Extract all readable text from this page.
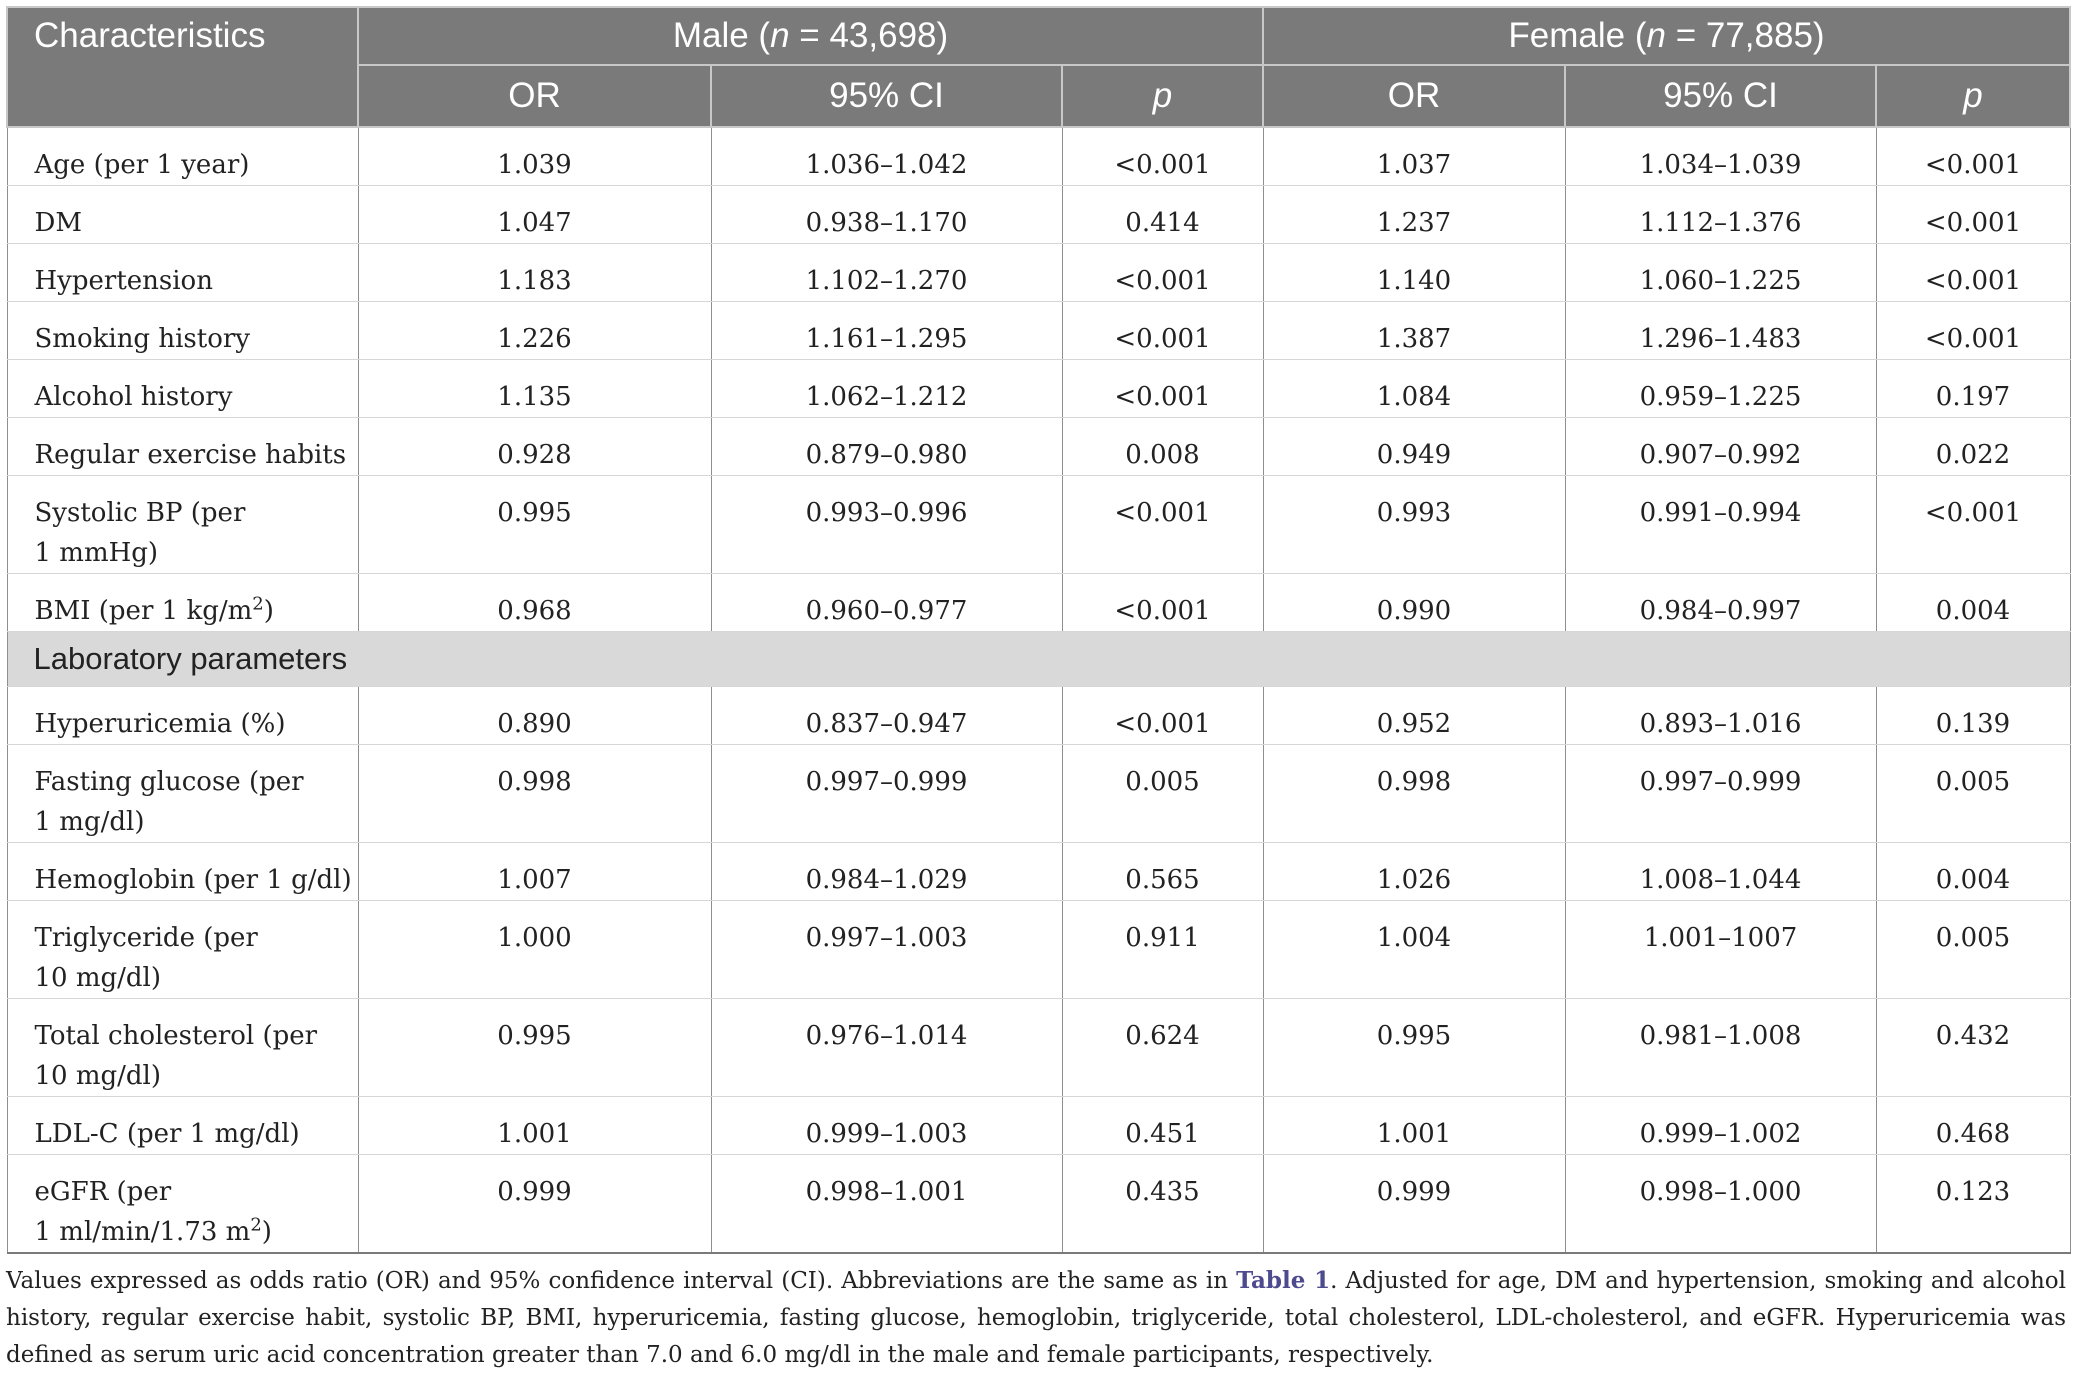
Characteristics	Male (n = 43,698)			Female (n = 77,885)		
	OR	95% CI	p	OR	95% CI	p
Age (per 1 year)	1.039	1.036–1.042	<0.001	1.037	1.034–1.039	<0.001
DM	1.047	0.938–1.170	0.414	1.237	1.112–1.376	<0.001
Hypertension	1.183	1.102–1.270	<0.001	1.140	1.060–1.225	<0.001
Smoking history	1.226	1.161–1.295	<0.001	1.387	1.296–1.483	<0.001
Alcohol history	1.135	1.062–1.212	<0.001	1.084	0.959–1.225	0.197
Regular exercise habits	0.928	0.879–0.980	0.008	0.949	0.907–0.992	0.022
Systolic BP (per
1 mmHg)	0.995	0.993–0.996	<0.001	0.993	0.991–0.994	<0.001
BMI (per 1 $kg/m^2$)	0.968	0.960–0.977	<0.001	0.990	0.984–0.997	0.004
Laboratory parameters						
Hyperuricemia (%)	0.890	0.837–0.947	<0.001	0.952	0.893–1.016	0.139
Fasting glucose (per
1 mg/dl)	0.998	0.997–0.999	0.005	0.998	0.997–0.999	0.005
Hemoglobin (per 1 g/dl)	1.007	0.984–1.029	0.565	1.026	1.008–1.044	0.004
Triglyceride (per
10 mg/dl)	1.000	0.997–1.003	0.911	1.004	1.001–1007	0.005
Total cholesterol (per
10 mg/dl)	0.995	0.976–1.014	0.624	0.995	0.981–1.008	0.432
LDL-C (per 1 mg/dl)	1.001	0.999–1.003	0.451	1.001	0.999–1.002	0.468
eGFR (per
1 ml/min/1.73 $m^2$)	0.999	0.998–1.001	0.435	0.999	0.998–1.000	0.123

Values expressed as odds ratio (OR) and 95% confidence interval (CI). Abbreviations are the same as in Table 1. Adjusted for age, DM and hypertension, smoking and alcohol history, regular exercise habit, systolic BP, BMI, hyperuricemia, fasting glucose, hemoglobin, triglyceride, total cholesterol, LDL-cholesterol, and eGFR. Hyperuricemia was defined as serum uric acid concentration greater than 7.0 and 6.0 mg/dl in the male and female participants, respectively.
